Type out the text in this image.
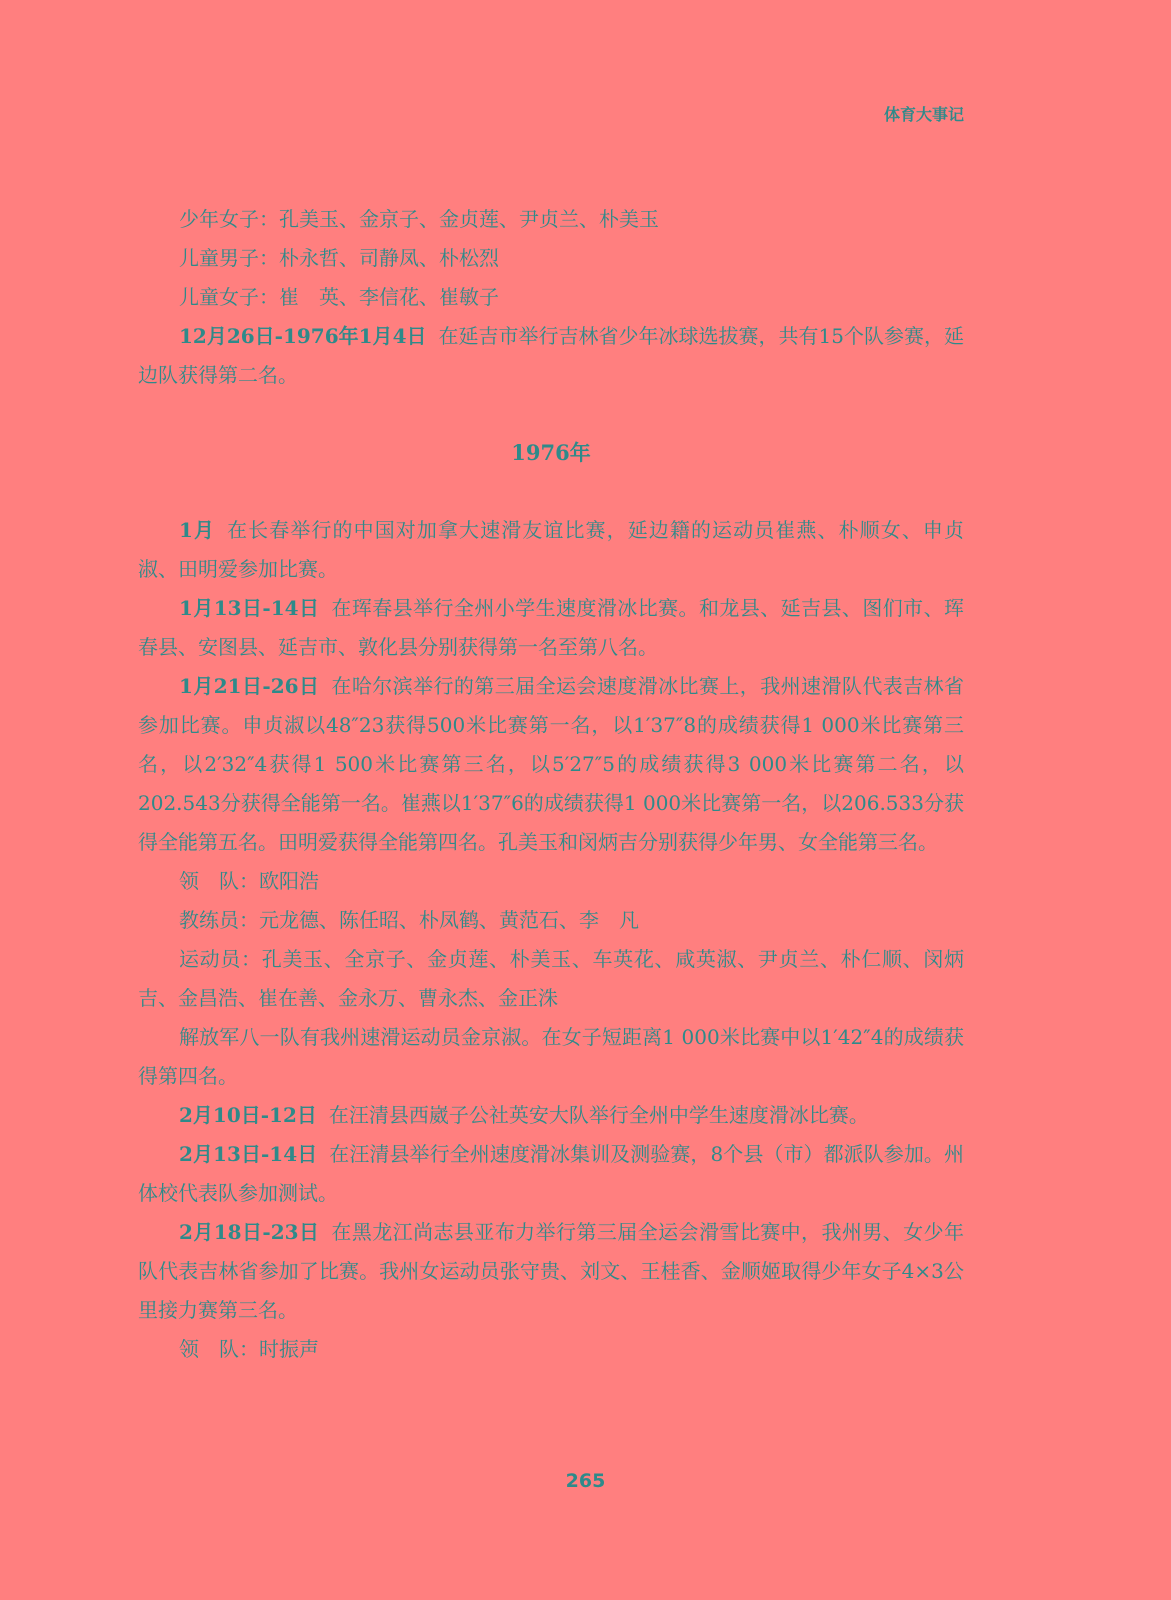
体育大事记

少年女子：孔美玉、金京子、金贞莲、尹贞兰、朴美玉

儿童男子：朴永哲、司静凤、朴松烈

儿童女子：崔　英、李信花、崔敏子

12月26日-1976年1月4日 在延吉市举行吉林省少年冰球选拔赛，共有15个队参赛，延边队获得第二名。

1976年

1月 在长春举行的中国对加拿大速滑友谊比赛，延边籍的运动员崔燕、朴顺女、申贞淑、田明爱参加比赛。

1月13日-14日 在珲春县举行全州小学生速度滑冰比赛。和龙县、延吉县、图们市、珲春县、安图县、延吉市、敦化县分别获得第一名至第八名。

1月21日-26日 在哈尔滨举行的第三届全运会速度滑冰比赛上，我州速滑队代表吉林省参加比赛。申贞淑以48″23获得500米比赛第一名，以1′37″8的成绩获得1 000米比赛第三名，以2′32″4获得1 500米比赛第三名，以5′27″5的成绩获得3 000米比赛第二名，以202.543分获得全能第一名。崔燕以1′37″6的成绩获得1 000米比赛第一名，以206.533分获得全能第五名。田明爱获得全能第四名。孔美玉和闵炳吉分别获得少年男、女全能第三名。

领　队：欧阳浩

教练员：元龙德、陈任昭、朴凤鹤、黄范石、李　凡

运动员：孔美玉、全京子、金贞莲、朴美玉、车英花、咸英淑、尹贞兰、朴仁顺、闵炳吉、金昌浩、崔在善、金永万、曹永杰、金正洙

解放军八一队有我州速滑运动员金京淑。在女子短距离1 000米比赛中以1′42″4的成绩获得第四名。

2月10日-12日 在汪清县西崴子公社英安大队举行全州中学生速度滑冰比赛。

2月13日-14日 在汪清县举行全州速度滑冰集训及测验赛，8个县（市）都派队参加。州体校代表队参加测试。

2月18日-23日 在黑龙江尚志县亚布力举行第三届全运会滑雪比赛中，我州男、女少年队代表吉林省参加了比赛。我州女运动员张守贵、刘文、王桂香、金顺姬取得少年女子4×3公里接力赛第三名。

领　队：时振声

265
